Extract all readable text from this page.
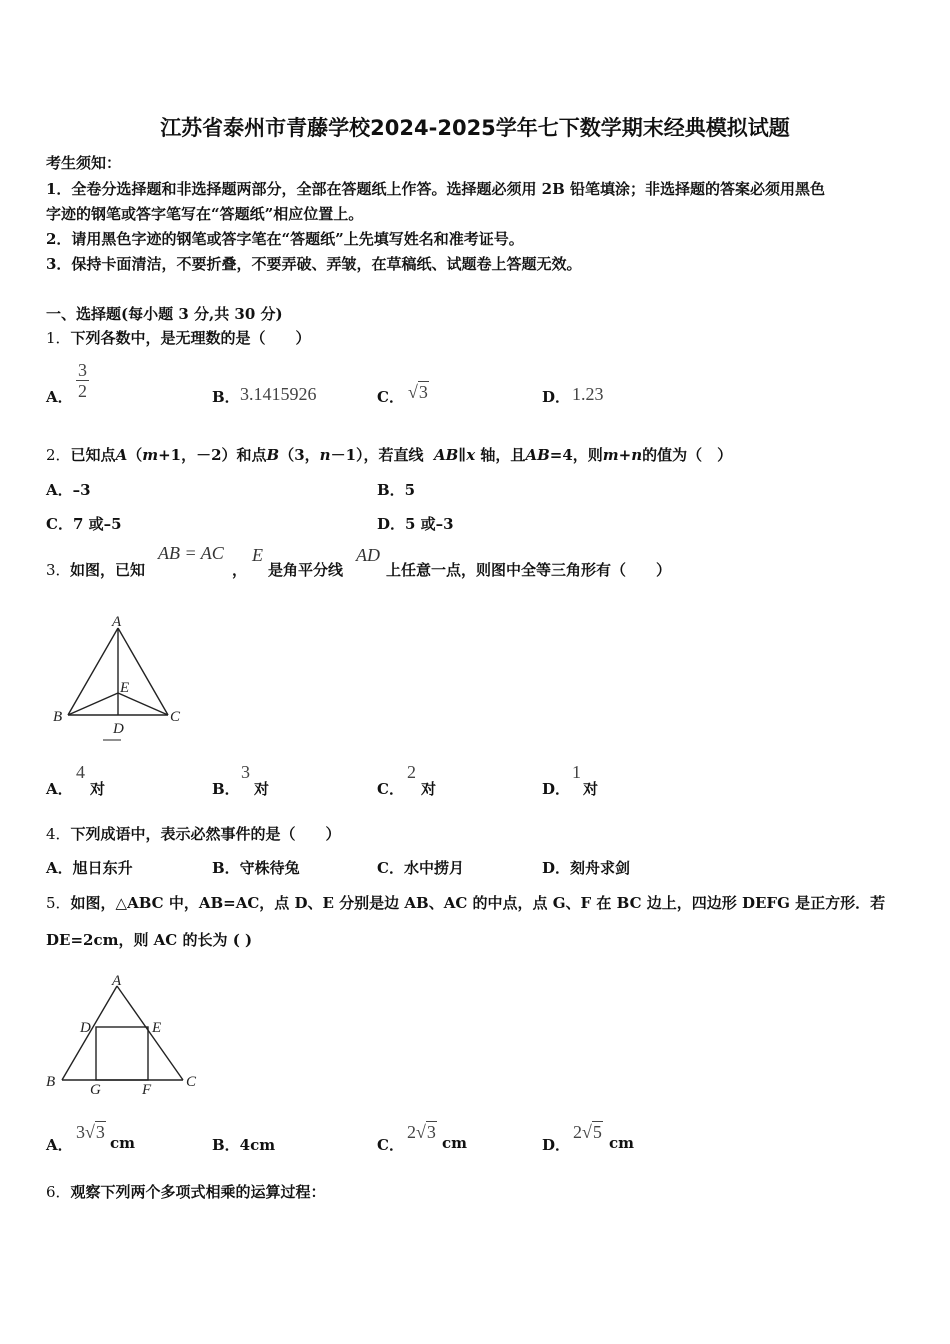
江苏省泰州市青藤学校2024-2025学年七下数学期末经典模拟试题
考生须知：
1．全卷分选择题和非选择题两部分，全部在答题纸上作答。选择题必须用 2B 铅笔填涂；非选择题的答案必须用黑色
字迹的钢笔或答字笔写在“答题纸”相应位置上。
2．请用黑色字迹的钢笔或答字笔在“答题纸”上先填写姓名和准考证号。
3．保持卡面清洁，不要折叠，不要弄破、弄皱，在草稿纸、试题卷上答题无效。
一、选择题(每小题 3 分,共 30 分)
1．下列各数中，是无理数的是（　　）
A． $\frac{3}{2}$	B． 3.1415926	C． √3	D． 1.23
2．已知点A（m+1，－2）和点B（3，n－1），若直线 AB∥x 轴，且AB=4，则m+n的值为（　）
A．–3	B．5
C．7 或–5	D．5 或–3
3． 如图，已知
AB = AC
，
E
是角平分线
AD
上任意一点，则图中全等三角形有（　　）
A
B	C
D
E
A．
4
对	B．
3
对	C．
2
对	D．
1
对
4．下列成语中，表示必然事件的是（　　）
A．旭日东升	B．守株待兔	C．水中捞月	D．刻舟求剑
5．如图，△ABC 中，AB=AC，点 D、E 分别是边 AB、AC 的中点，点 G、F 在 BC 边上，四边形 DEFG 是正方形．若
DE=2cm，则 AC 的长为 ( )
A
D	E
B	C
G	F
A．
3√3
cm	B．4cm	C．
2√3
cm	D．
2√5
cm
6．观察下列两个多项式相乘的运算过程：
